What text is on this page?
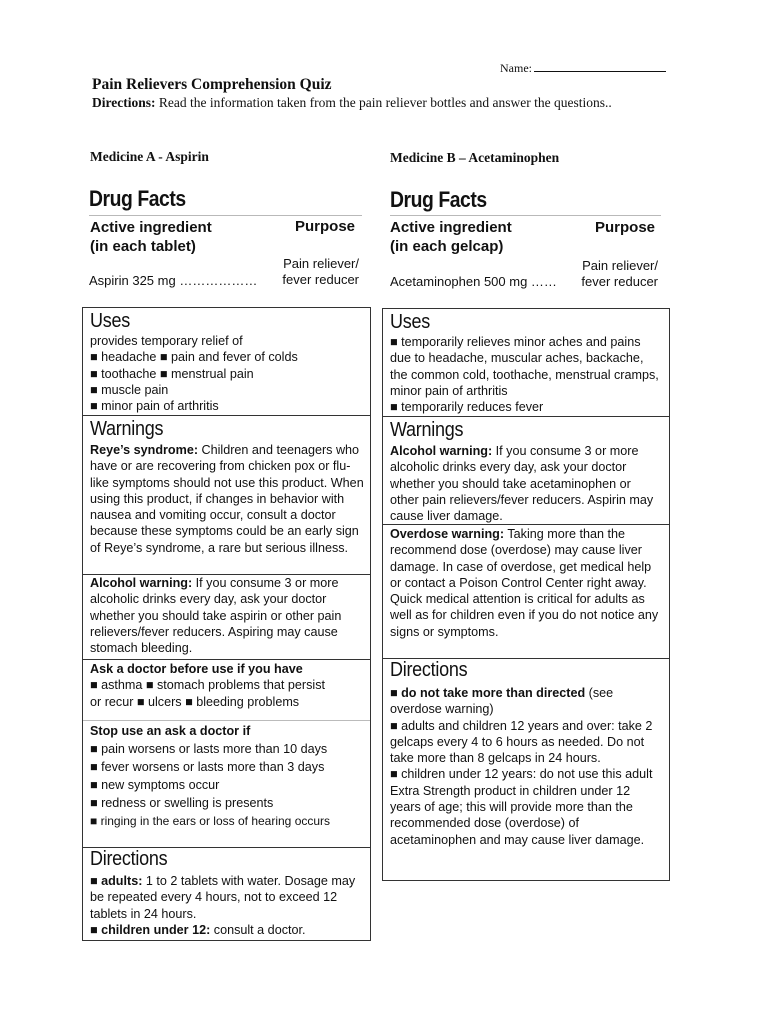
Name:
Pain Relievers Comprehension Quiz
Directions: Read the information taken from the pain reliever bottles and answer the questions..
Medicine A - Aspirin
Drug Facts
Active ingredient
(in each tablet)
Purpose
Pain reliever/
fever reducer
Aspirin 325 mg ………………
Uses
provides temporary relief of
■ headache ■ pain and fever of colds
■ toothache ■ menstrual pain
■ muscle pain
■ minor pain of arthritis
Warnings
Reye’s syndrome: Children and teenagers who have or are recovering from chicken pox or flu-like symptoms should not use this product. When using this product, if changes in behavior with nausea and vomiting occur, consult a doctor because these symptoms could be an early sign of Reye’s syndrome, a rare but serious illness.
Alcohol warning: If you consume 3 or more alcoholic drinks every day, ask your doctor whether you should take aspirin or other pain relievers/fever reducers. Aspiring may cause stomach bleeding.
Ask a doctor before use if you have
■ asthma ■ stomach problems that persist
or recur ■ ulcers ■ bleeding problems
Stop use an ask a doctor if
■ pain worsens or lasts more than 10 days
■ fever worsens or lasts more than 3 days
■ new symptoms occur
■ redness or swelling is presents
■ ringing in the ears or loss of hearing occurs
Directions
■ adults: 1 to 2 tablets with water. Dosage may be repeated every 4 hours, not to exceed 12 tablets in 24 hours.
■ children under 12: consult a doctor.
Medicine B – Acetaminophen
Drug Facts
Active ingredient
(in each gelcap)
Purpose
Pain reliever/
fever reducer
Acetaminophen 500 mg ……
Uses
■ temporarily relieves minor aches and pains due to headache, muscular aches, backache, the common cold, toothache, menstrual cramps, minor pain of arthritis
■ temporarily reduces fever
Warnings
Alcohol warning: If you consume 3 or more alcoholic drinks every day, ask your doctor whether you should take acetaminophen or other pain relievers/fever reducers. Aspirin may cause liver damage.
Overdose warning: Taking more than the recommend dose (overdose) may cause liver damage. In case of overdose, get medical help or contact a Poison Control Center right away. Quick medical attention is critical for adults as well as for children even if you do not notice any signs or symptoms.
Directions
■ do not take more than directed (see overdose warning)
■ adults and children 12 years and over: take 2 gelcaps every 4 to 6 hours as needed. Do not take more than 8 gelcaps in 24 hours.
■ children under 12 years: do not use this adult Extra Strength product in children under 12 years of age; this will provide more than the recommended dose (overdose) of acetaminophen and may cause liver damage.
